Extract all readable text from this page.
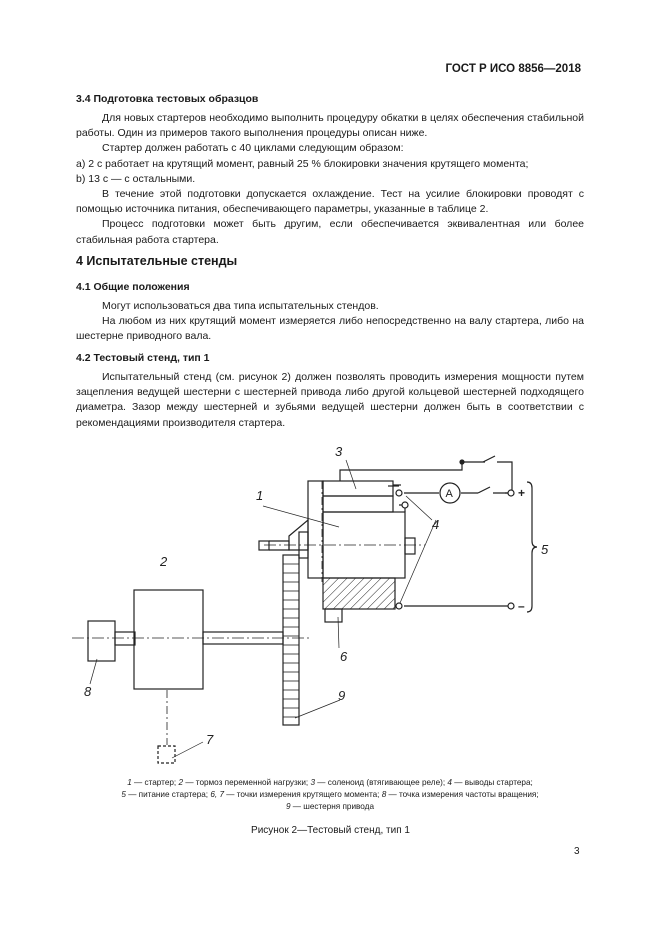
ГОСТ Р ИСО 8856—2018
3.4 Подготовка тестовых образцов

Для новых стартеров необходимо выполнить процедуру обкатки в целях обеспечения стабильной работы. Один из примеров такого выполнения процедуры описан ниже.

Стартер должен работать с 40 циклами следующим образом:

a) 2 с работает на крутящий момент, равный 25 % блокировки значения крутящего момента;

b) 13 с — с остальными.

В течение этой подготовки допускается охлаждение. Тест на усилие блокировки проводят с помощью источника питания, обеспечивающего параметры, указанные в таблице 2.

Процесс подготовки может быть другим, если обеспечивается эквивалентная или более стабильная работа стартера.

4 Испытательные стенды
4.1 Общие положения

Могут использоваться два типа испытательных стендов.

На любом из них крутящий момент измеряется либо непосредственно на валу стартера, либо на шестерне приводного вала.

4.2 Тестовый стенд, тип 1

Испытательный стенд (см. рисунок 2) должен позволять проводить измерения мощности путем зацепления ведущей шестерни с шестерней привода либо другой кольцевой шестерней подходящего диаметра. Зазор между шестерней и зубьями ведущей шестерни должен быть в соответствии с рекомендациями производителя стартера.

1
2
3
4
5
6
7
8	9
A	+
–
1 — стартер; 2 — тормоз переменной нагрузки; 3 — соленоид (втягивающее реле); 4 — выводы стартера;
5 — питание стартера; 6, 7 — точки измерения крутящего момента; 8 — точка измерения частоты вращения;
9 — шестерня привода
Рисунок 2—Тестовый стенд, тип 1
3
